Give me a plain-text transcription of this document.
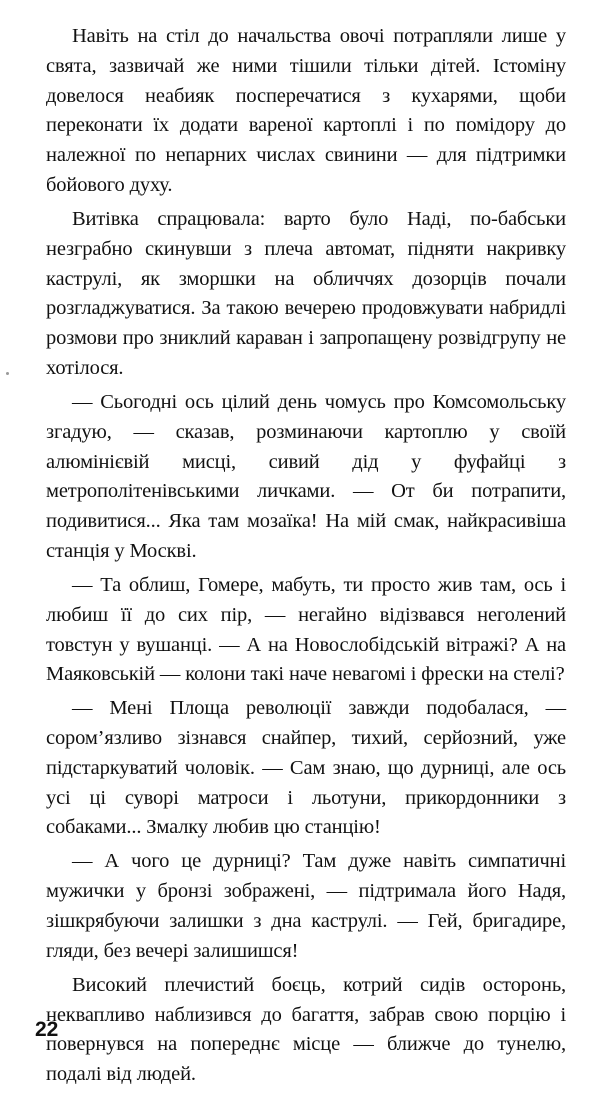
Навіть на стіл до начальства овочі потрапляли лише у свята, зазвичай же ними тішили тільки дітей. Істоміну довелося неабияк посперечатися з кухарями, щоби переконати їх додати вареної картоплі і по помідору до належної по непарних числах свинини — для підтримки бойового духу.

Витівка спрацювала: варто було Наді, по-бабськи незграбно скинувши з плеча автомат, підняти накривку каструлі, як зморшки на обличчях дозорців почали розгладжуватися. За такою вечерею продовжувати набридлі розмови про зниклий караван і запропащену розвідгрупу не хотілося.

— Сьогодні ось цілий день чомусь про Комсомольську згадую, — сказав, розминаючи картоплю у своїй алюмінієвій мисці, сивий дід у фуфайці з метрополітенівськими личками. — От би потрапити, подивитися... Яка там мозаїка! На мій смак, найкрасивіша станція у Москві.

— Та облиш, Гомере, мабуть, ти просто жив там, ось і любиш її до сих пір, — негайно відізвався неголений товстун у вушанці. — А на Новослобідській вітражі? А на Маяковській — колони такі наче невагомі і фрески на стелі?

— Мені Площа революції завжди подобалася, — сором’язливо зізнався снайпер, тихий, серйозний, уже підстаркуватий чоловік. — Сам знаю, що дурниці, але ось усі ці суворі матроси і льотуни, прикордонники з собаками... Змалку любив цю станцію!

— А чого це дурниці? Там дуже навіть симпатичні мужички у бронзі зображені, — підтримала його Надя, зішкрябуючи залишки з дна каструлі. — Гей, бригадире, гляди, без вечері залишишся!

Високий плечистий боєць, котрий сидів осторонь, неквапливо наблизився до багаття, забрав свою порцію і повернувся на попереднє місце — ближче до тунелю, подалі від людей.

22
